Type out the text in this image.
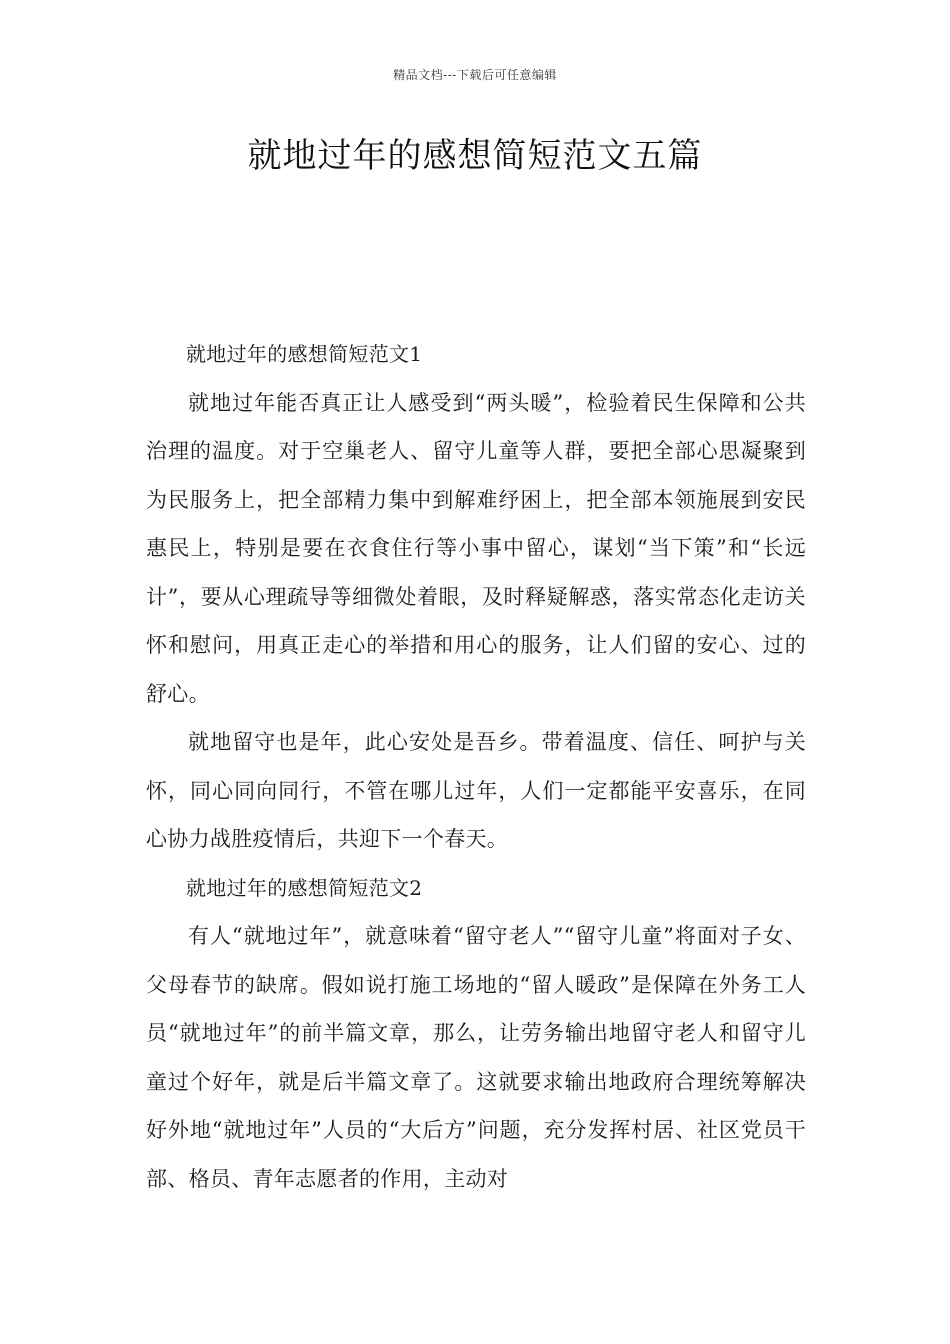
精品文档---下载后可任意编辑
就地过年的感想简短范文五篇

就地过年的感想简短范文1

就地过年能否真正让人感受到“两头暖”，检验着民生保障和公共治理的温度。对于空巢老人、留守儿童等人群，要把全部心思凝聚到为民服务上，把全部精力集中到解难纾困上，把全部本领施展到安民惠民上，特别是要在衣食住行等小事中留心，谋划“当下策”和“长远计”，要从心理疏导等细微处着眼，及时释疑解惑，落实常态化走访关怀和慰问，用真正走心的举措和用心的服务，让人们留的安心、过的舒心。

就地留守也是年，此心安处是吾乡。带着温度、信任、呵护与关怀，同心同向同行，不管在哪儿过年，人们一定都能平安喜乐，在同心协力战胜疫情后，共迎下一个春天。

就地过年的感想简短范文2

有人“就地过年”，就意味着“留守老人”“留守儿童”将面对子女、父母春节的缺席。假如说打施工场地的“留人暖政”是保障在外务工人员“就地过年”的前半篇文章，那么，让劳务输出地留守老人和留守儿童过个好年，就是后半篇文章了。这就要求输出地政府合理统筹解决好外地“就地过年”人员的“大后方”问题，充分发挥村居、社区党员干部、格员、青年志愿者的作用，主动对
